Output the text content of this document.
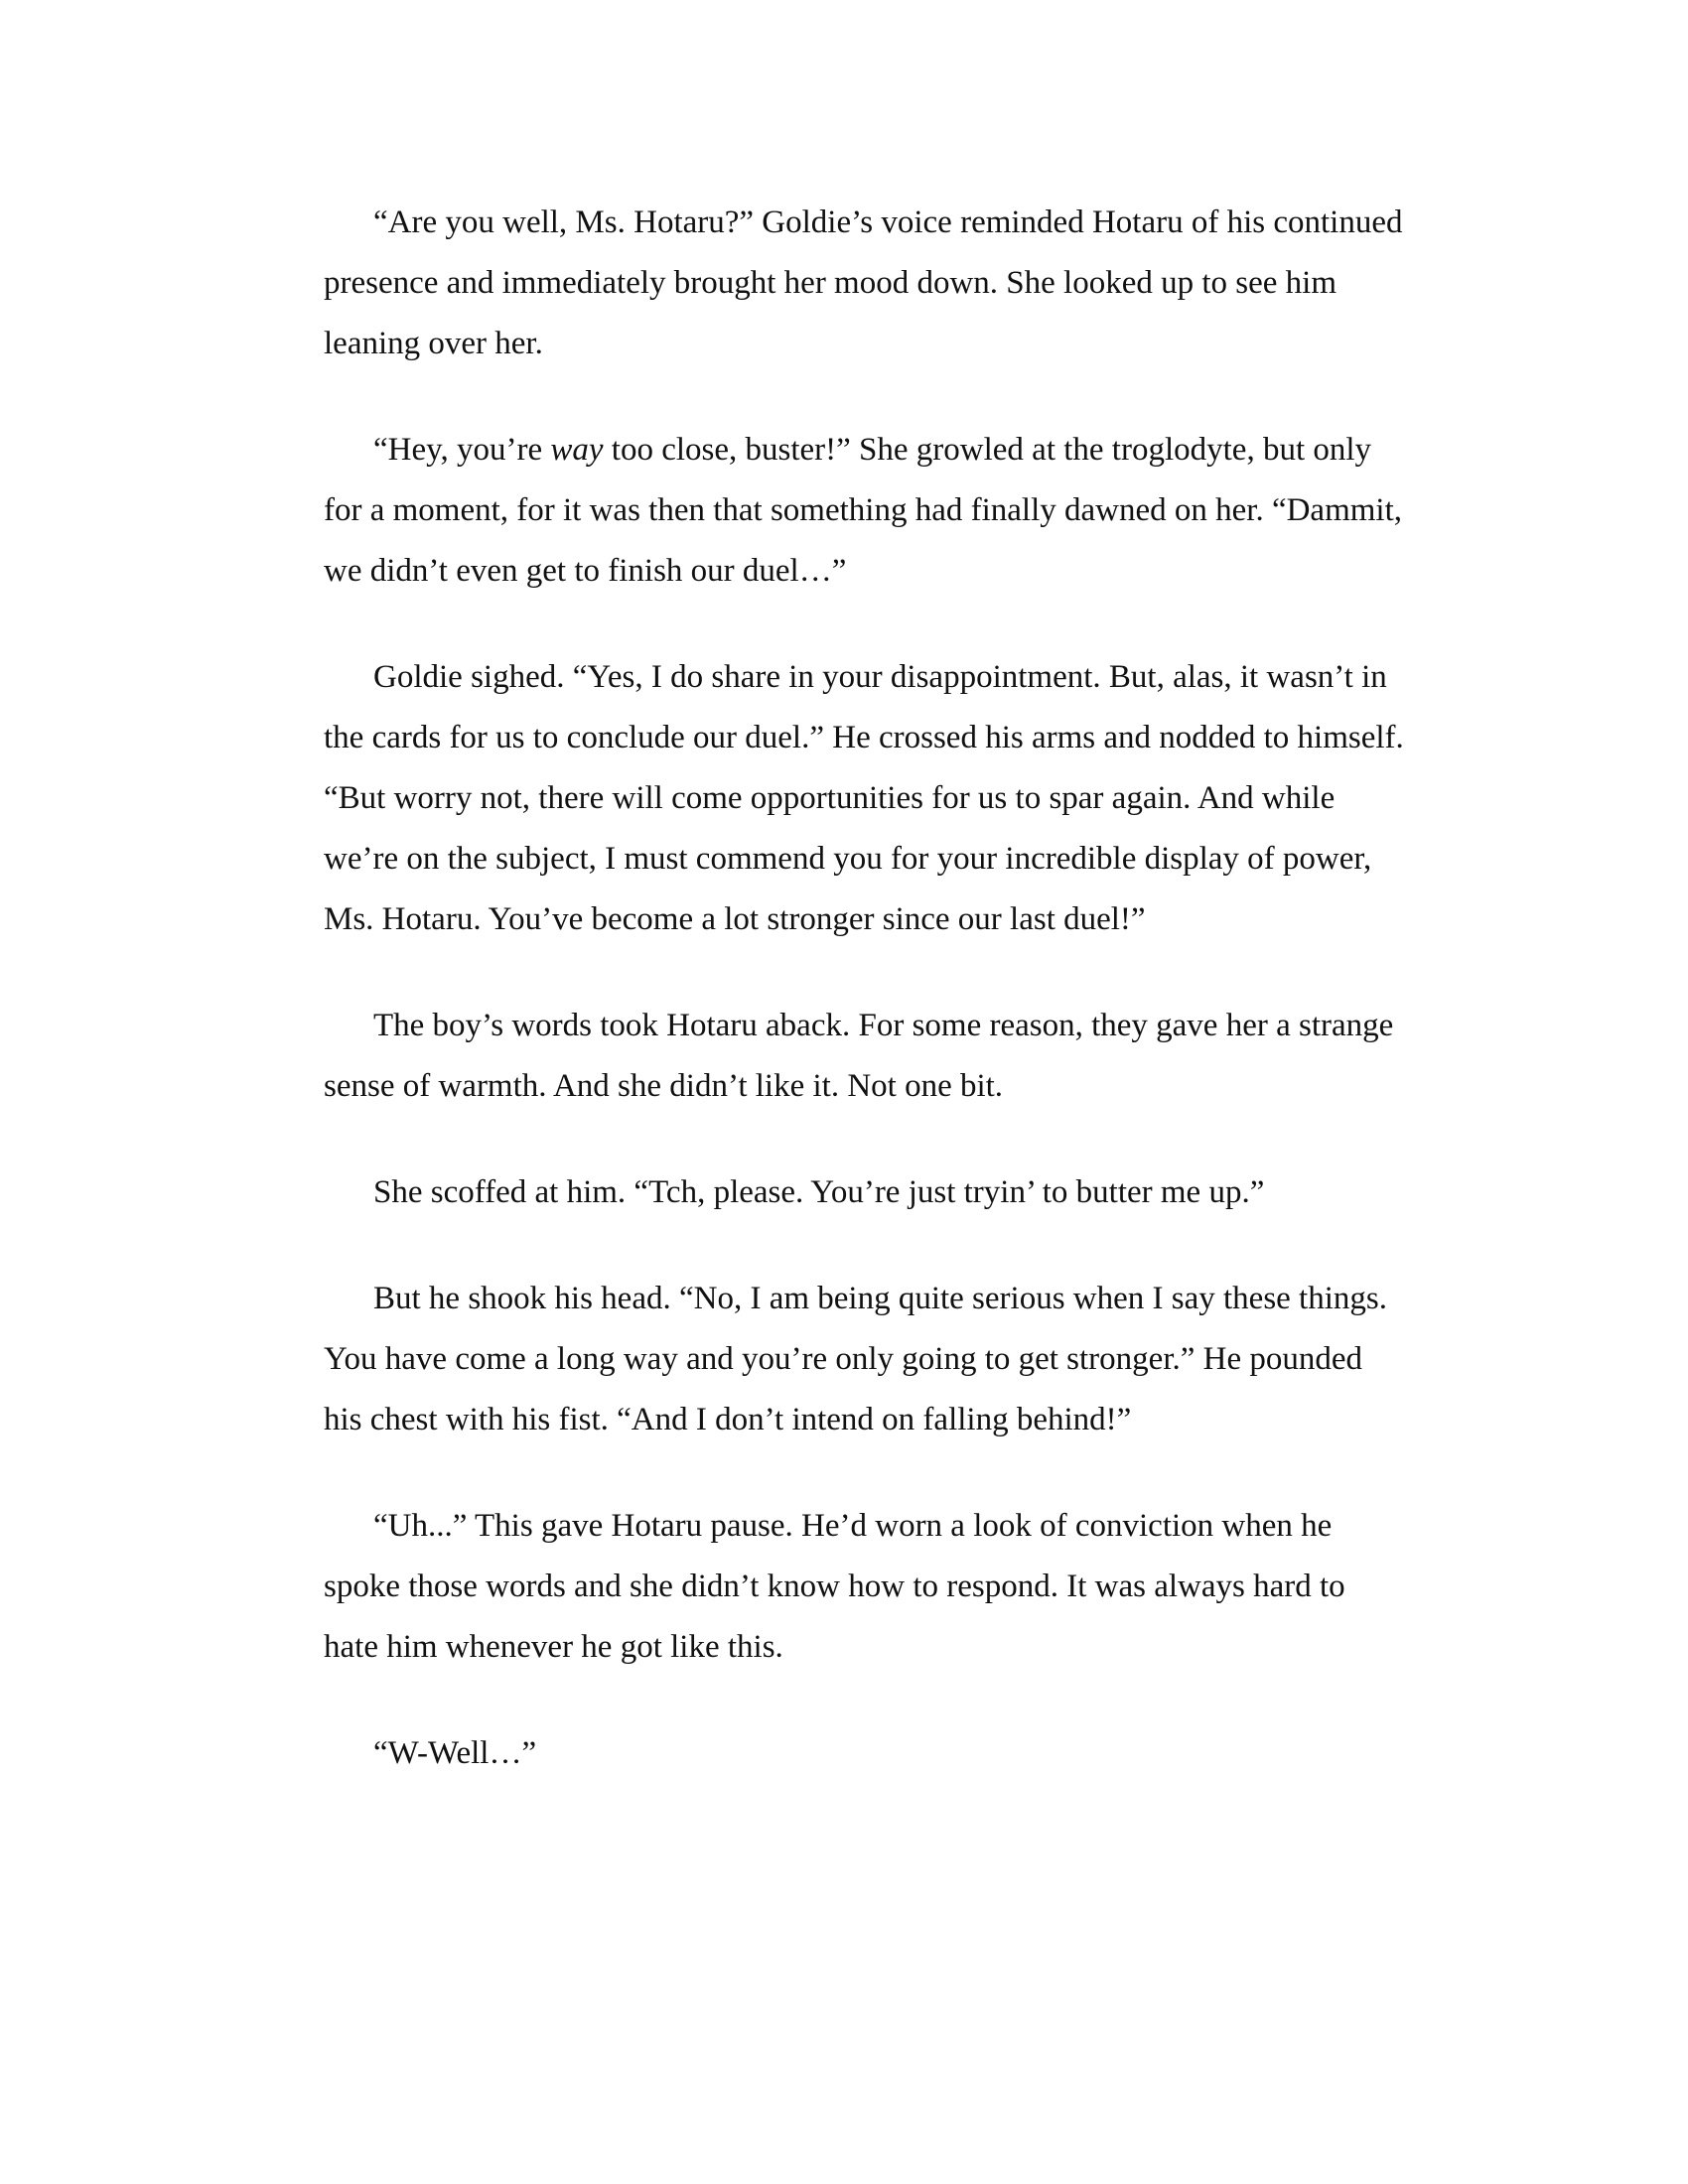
“Are you well, Ms. Hotaru?” Goldie’s voice reminded Hotaru of his continued presence and immediately brought her mood down. She looked up to see him leaning over her.

“Hey, you’re way too close, buster!” She growled at the troglodyte, but only for a moment, for it was then that something had finally dawned on her. “Dammit, we didn’t even get to finish our duel…”

Goldie sighed. “Yes, I do share in your disappointment. But, alas, it wasn’t in the cards for us to conclude our duel.” He crossed his arms and nodded to himself. “But worry not, there will come opportunities for us to spar again. And while we’re on the subject, I must commend you for your incredible display of power, Ms. Hotaru. You’ve become a lot stronger since our last duel!”

The boy’s words took Hotaru aback. For some reason, they gave her a strange sense of warmth. And she didn’t like it. Not one bit.

She scoffed at him. “Tch, please. You’re just tryin’ to butter me up.”

But he shook his head. “No, I am being quite serious when I say these things. You have come a long way and you’re only going to get stronger.” He pounded his chest with his fist. “And I don’t intend on falling behind!”

“Uh...” This gave Hotaru pause. He’d worn a look of conviction when he spoke those words and she didn’t know how to respond. It was always hard to hate him whenever he got like this.

“W-Well…”
